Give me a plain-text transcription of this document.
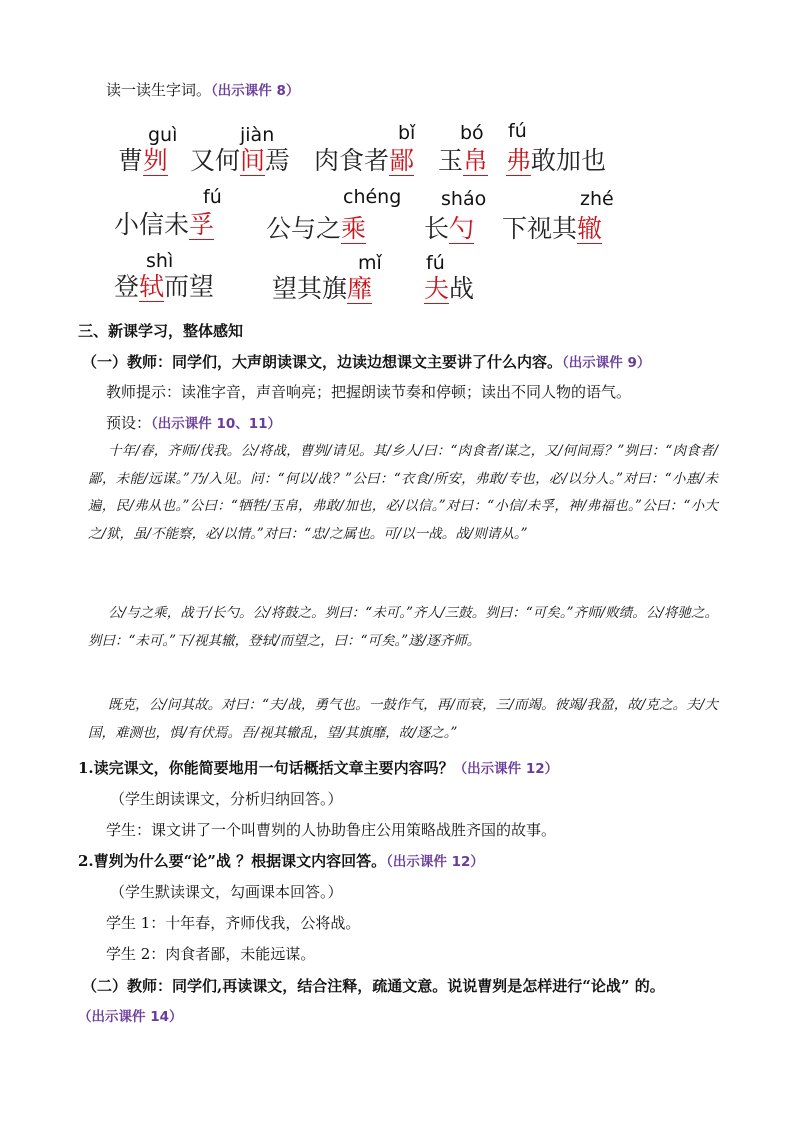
读一读生字词。（出示课件 8）
guì	jiàn	bǐ bó fú
曹刿 又何间焉 肉食者鄙 玉帛 弗敢加也
fú	chéng sháo	zhé
小信未孚 公与之乘 长勺 下视其辙
shì	mǐ fú
登轼而望 望其旗靡 夫战
三、新课学习，整体感知
（一）教师：同学们，大声朗读课文，边读边想课文主要讲了什么内容。（出示课件 9）
教师提示：读准字音，声音响亮；把握朗读节奏和停顿；读出不同人物的语气。
预设：（出示课件 10、11）
十年/春，齐师/伐我。公/将战，曹刿/请见。其/乡人/曰：“肉食者/谋之，又/何间焉？”刿曰：“肉食者/鄙，未能/远谋。”乃/入见。问：“何以/战？”公曰：“衣食/所安，弗敢/专也，必/以分人。”对曰：“小惠/未遍，民/弗从也。”公曰：“牺牲/玉帛，弗敢/加也，必/以信。”对曰：“小信/未孚，神/弗福也。”公曰：“小大之/狱，虽/不能察，必/以情。”对曰：“忠/之属也。可/以一战。战/则请从。”
公/与之乘，战于/长勺。公/将鼓之。刿曰：“未可。”齐人/三鼓。刿曰：“可矣。”齐师/败绩。公/将驰之。刿曰：“未可。”下/视其辙，登轼/而望之，曰：“可矣。”遂/逐齐师。
既克，公/问其故。对曰：“夫/战，勇气也。一鼓作气，再/而衰，三/而竭。彼竭/我盈，故/克之。夫/大国，难测也，惧/有伏焉。吾/视其辙乱，望/其旗靡，故/逐之。”
1.读完课文，你能简要地用一句话概括文章主要内容吗？（出示课件 12）
（学生朗读课文，分析归纳回答。）
学生：课文讲了一个叫曹刿的人协助鲁庄公用策略战胜齐国的故事。
2.曹刿为什么要“论”战 ？根据课文内容回答。（出示课件 12）
（学生默读课文，勾画课本回答。）
学生 1：十年春，齐师伐我，公将战。
学生 2：肉食者鄙，未能远谋。
（二）教师：同学们,再读课文，结合注释，疏通文意。说说曹刿是怎样进行“论战” 的。
（出示课件 14）
